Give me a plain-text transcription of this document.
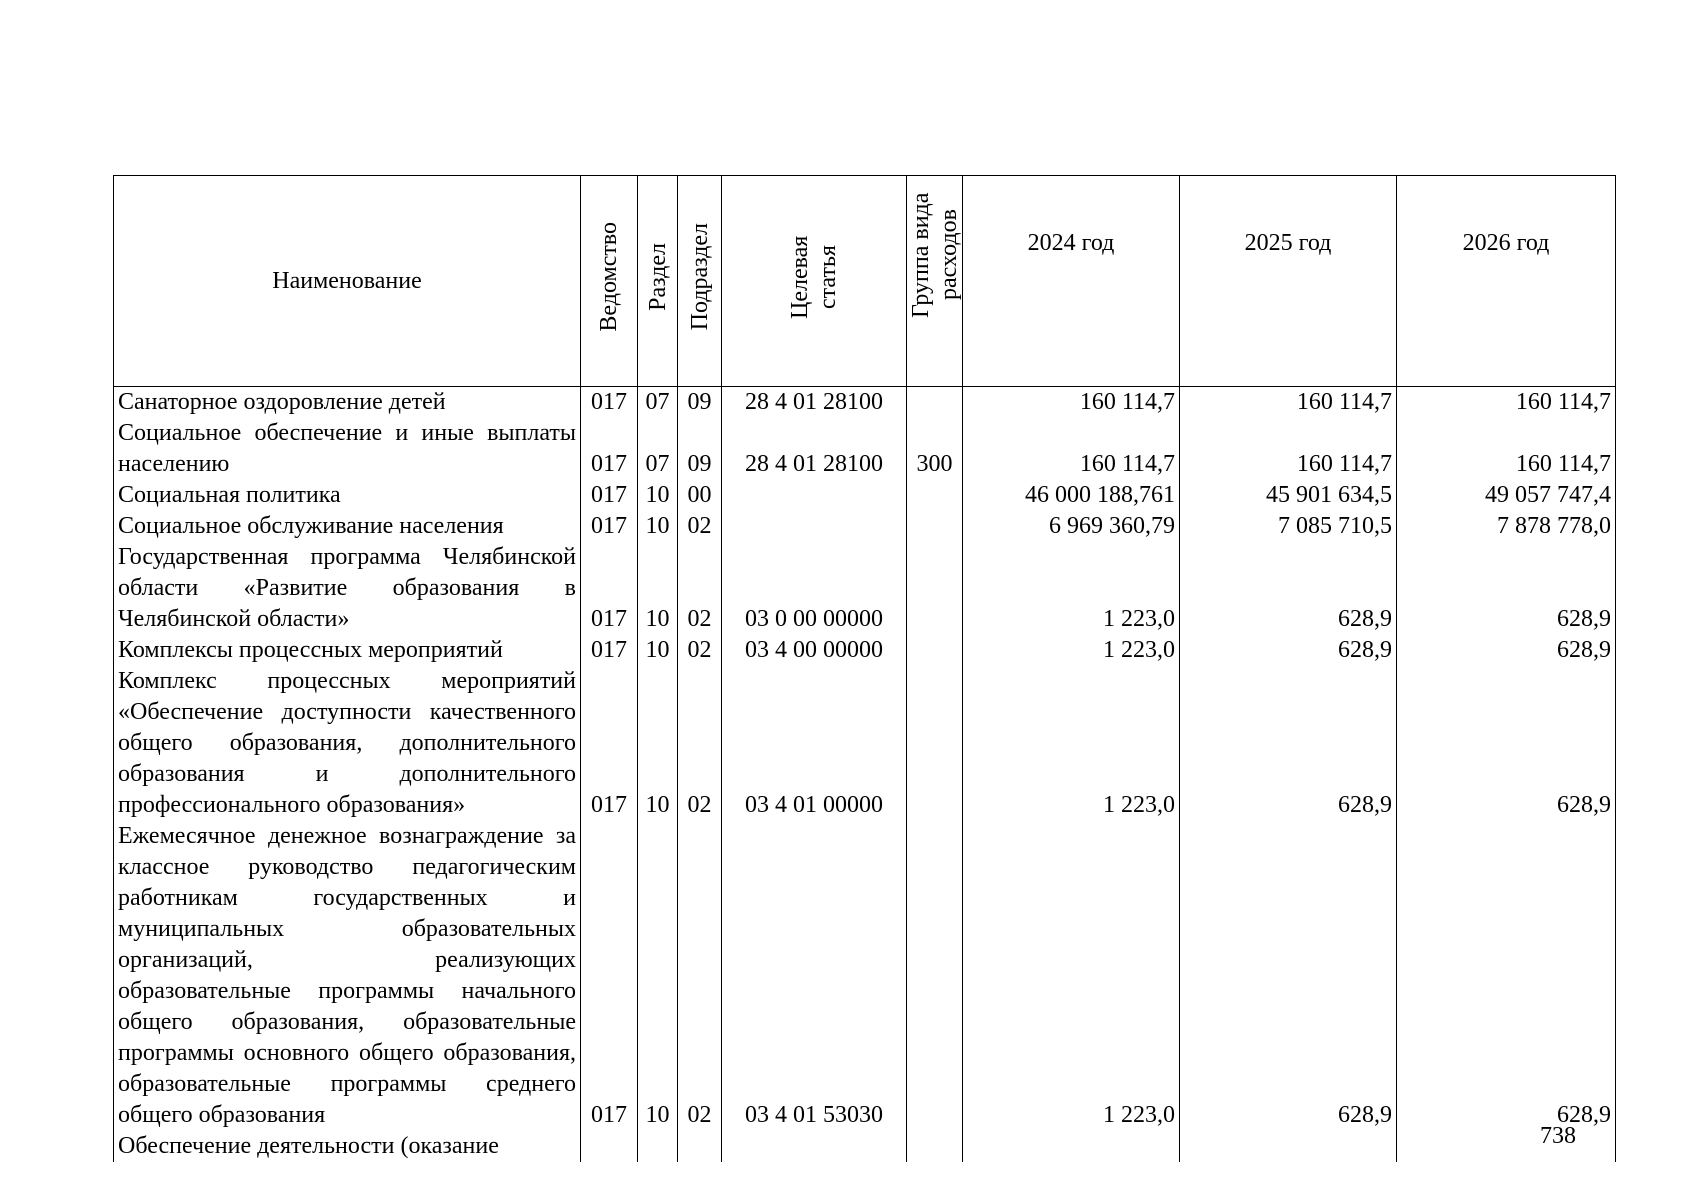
Наименование	Ведомство	Раздел	Подраздел	Целевая статья	Группа вида расходов	2024 год	2025 год	2026 год
Санаторное оздоровление детей	017	07	09	28 4 01 28100		160 114,7	160 114,7	160 114,7
Социальное обеспечение и иные выплаты населению	017	07	09	28 4 01 28100	300	160 114,7	160 114,7	160 114,7
Социальная политика	017	10	00			46 000 188,761	45 901 634,5	49 057 747,4
Социальное обслуживание населения	017	10	02			6 969 360,79	7 085 710,5	7 878 778,0
Государственная программа Челябинской области «Развитие образования в Челябинской области»	017	10	02	03 0 00 00000		1 223,0	628,9	628,9
Комплексы процессных мероприятий	017	10	02	03 4 00 00000		1 223,0	628,9	628,9
Комплекс процессных мероприятий «Обеспечение доступности качественного общего образования, дополнительного образования и дополнительного профессионального образования»	017	10	02	03 4 01 00000		1 223,0	628,9	628,9
Ежемесячное денежное вознаграждение за классное руководство педагогическим работникам государственных и муниципальных образовательных организаций, реализующих образовательные программы начального общего образования, образовательные программы основного общего образования, образовательные программы среднего общего образования	017	10	02	03 4 01 53030		1 223,0	628,9	628,9
Обеспечение деятельности (оказание									738
